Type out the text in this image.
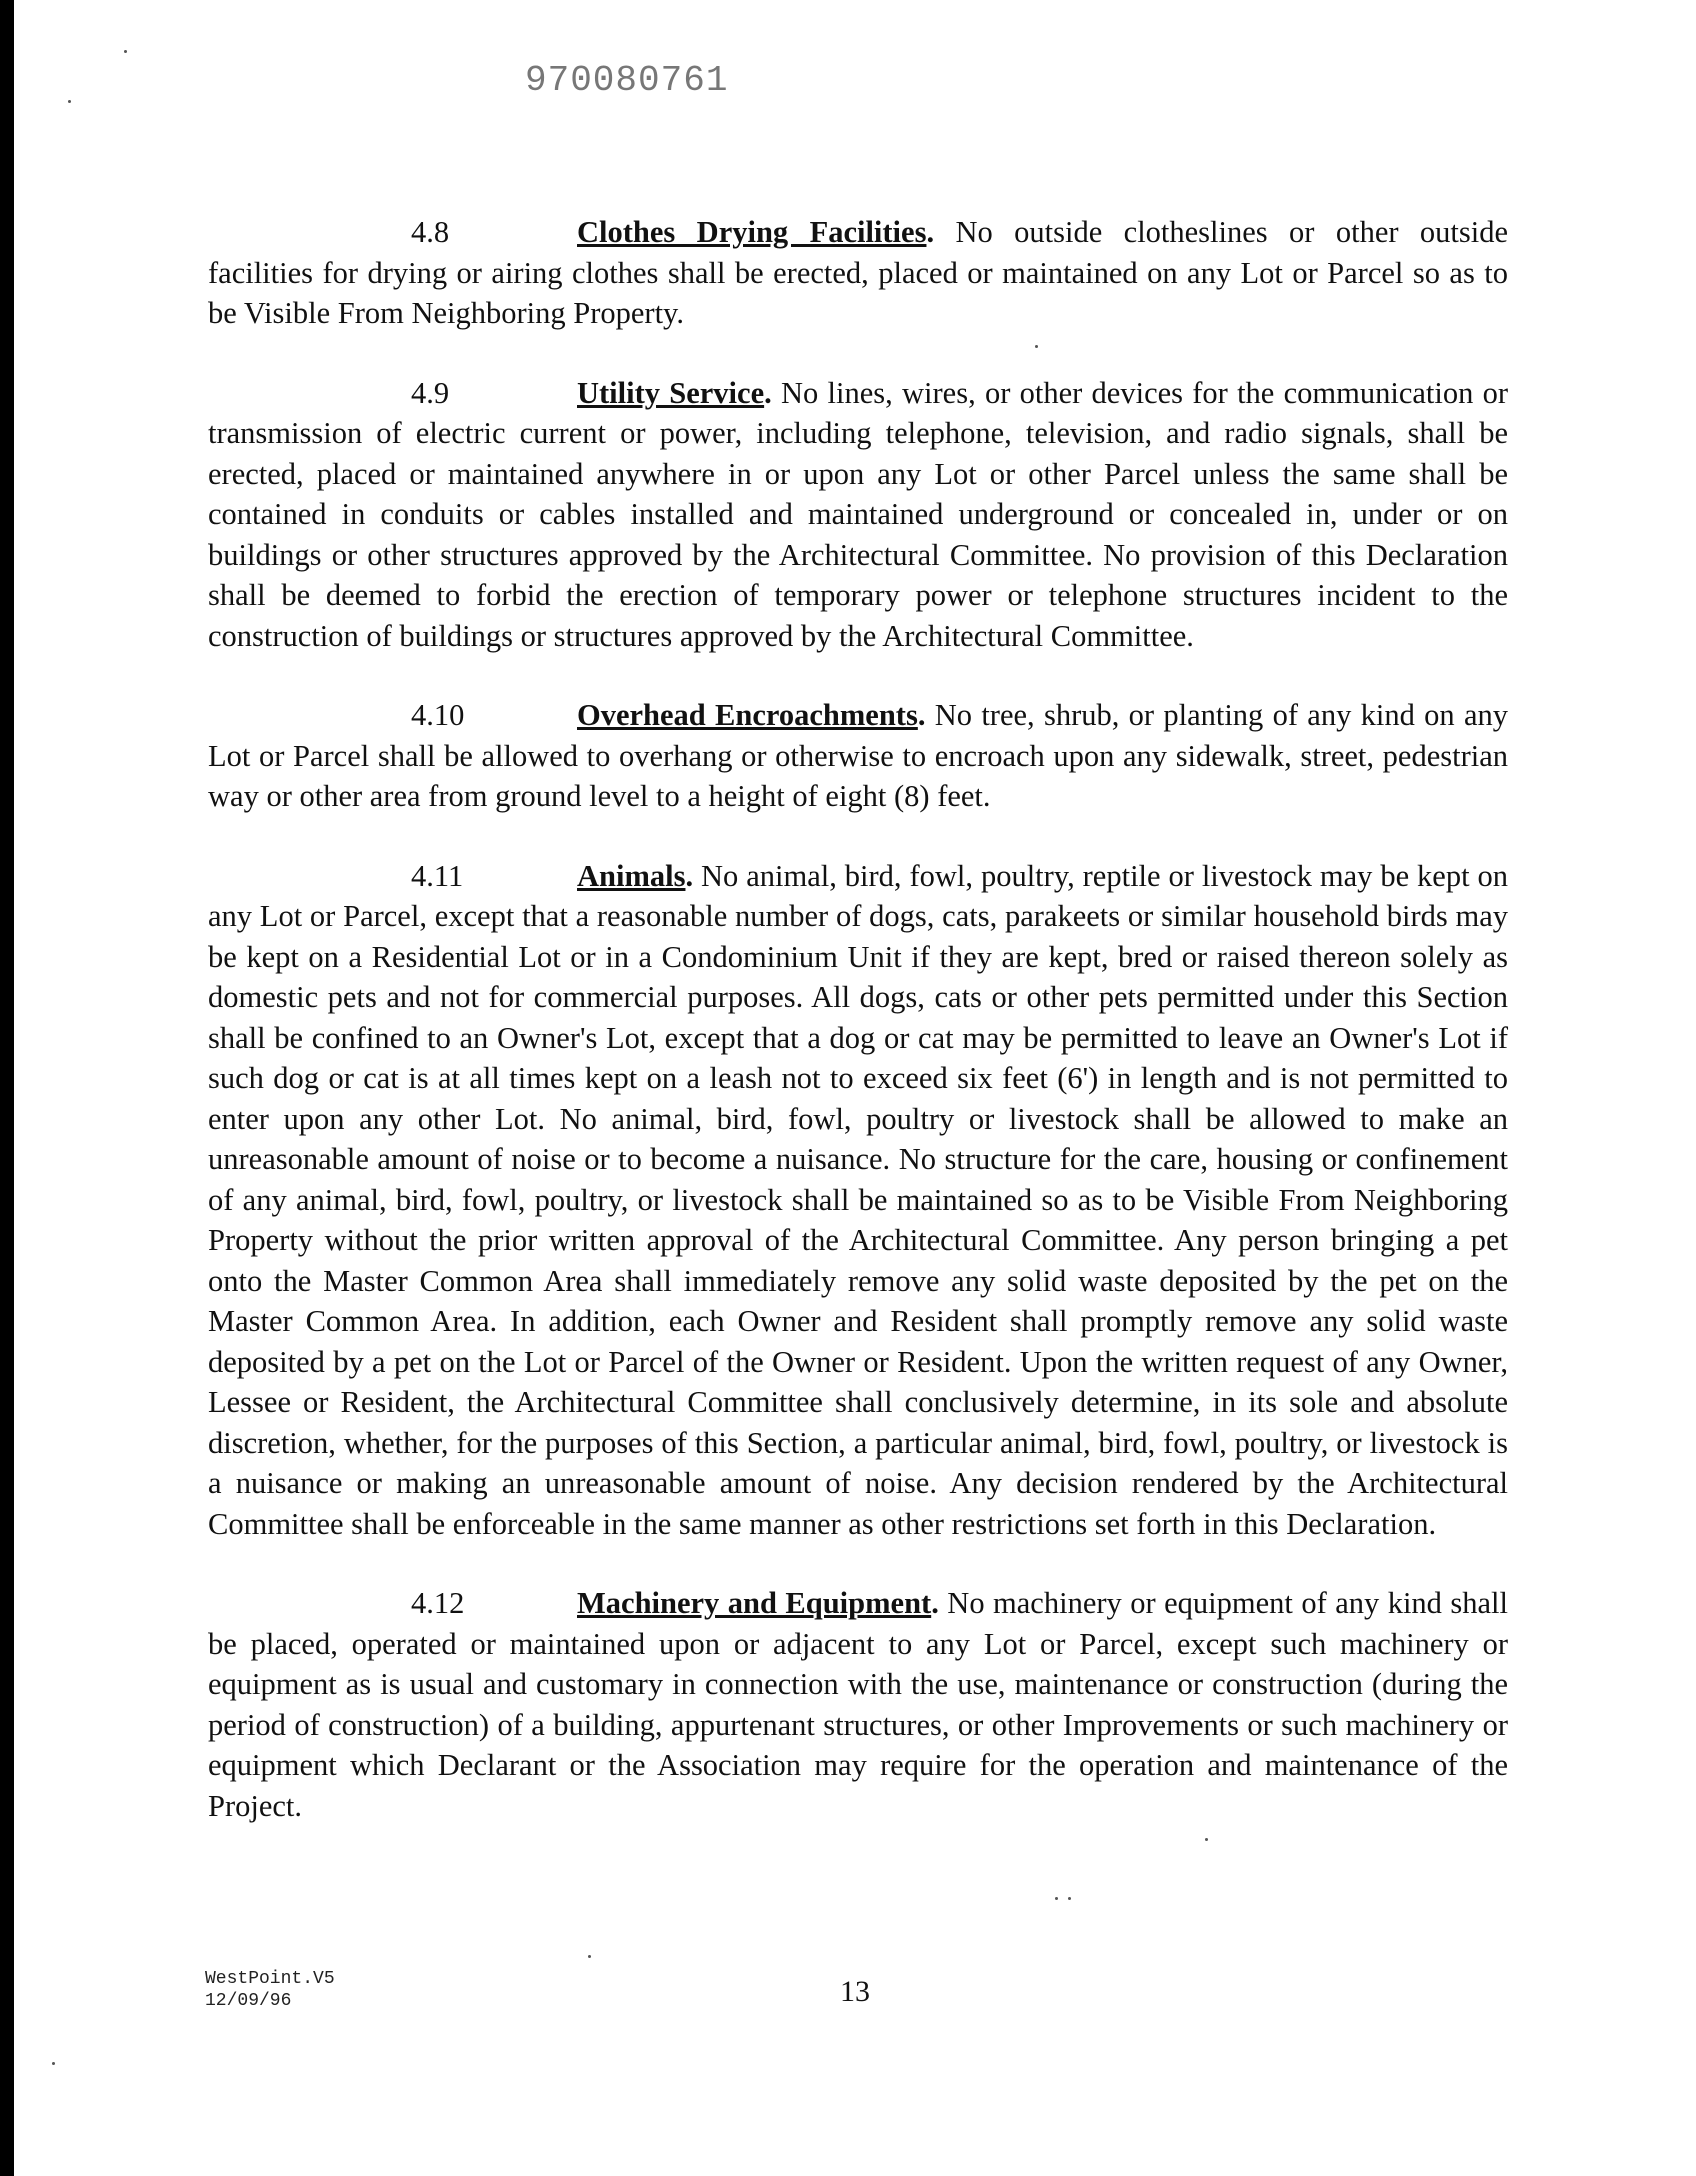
970080761

4.8	Clothes Drying Facilities. No outside clotheslines or other outside facilities for drying or airing clothes shall be erected, placed or maintained on any Lot or Parcel so as to be Visible From Neighboring Property.

4.9	Utility Service. No lines, wires, or other devices for the communication or transmission of electric current or power, including telephone, television, and radio signals, shall be erected, placed or maintained anywhere in or upon any Lot or other Parcel unless the same shall be contained in conduits or cables installed and maintained underground or concealed in, under or on buildings or other structures approved by the Architectural Committee. No provision of this Declaration shall be deemed to forbid the erection of temporary power or telephone structures incident to the construction of buildings or structures approved by the Architectural Committee.

4.10	Overhead Encroachments. No tree, shrub, or planting of any kind on any Lot or Parcel shall be allowed to overhang or otherwise to encroach upon any sidewalk, street, pedestrian way or other area from ground level to a height of eight (8) feet.

4.11	Animals. No animal, bird, fowl, poultry, reptile or livestock may be kept on any Lot or Parcel, except that a reasonable number of dogs, cats, parakeets or similar household birds may be kept on a Residential Lot or in a Condominium Unit if they are kept, bred or raised thereon solely as domestic pets and not for commercial purposes. All dogs, cats or other pets permitted under this Section shall be confined to an Owner's Lot, except that a dog or cat may be permitted to leave an Owner's Lot if such dog or cat is at all times kept on a leash not to exceed six feet (6') in length and is not permitted to enter upon any other Lot. No animal, bird, fowl, poultry or livestock shall be allowed to make an unreasonable amount of noise or to become a nuisance. No structure for the care, housing or confinement of any animal, bird, fowl, poultry, or livestock shall be maintained so as to be Visible From Neighboring Property without the prior written approval of the Architectural Committee. Any person bringing a pet onto the Master Common Area shall immediately remove any solid waste deposited by the pet on the Master Common Area. In addition, each Owner and Resident shall promptly remove any solid waste deposited by a pet on the Lot or Parcel of the Owner or Resident. Upon the written request of any Owner, Lessee or Resident, the Architectural Committee shall conclusively determine, in its sole and absolute discretion, whether, for the purposes of this Section, a particular animal, bird, fowl, poultry, or livestock is a nuisance or making an unreasonable amount of noise. Any decision rendered by the Architectural Committee shall be enforceable in the same manner as other restrictions set forth in this Declaration.

4.12	Machinery and Equipment. No machinery or equipment of any kind shall be placed, operated or maintained upon or adjacent to any Lot or Parcel, except such machinery or equipment as is usual and customary in connection with the use, maintenance or construction (during the period of construction) of a building, appurtenant structures, or other Improvements or such machinery or equipment which Declarant or the Association may require for the operation and maintenance of the Project.

WestPoint.V5
12/09/96	13
